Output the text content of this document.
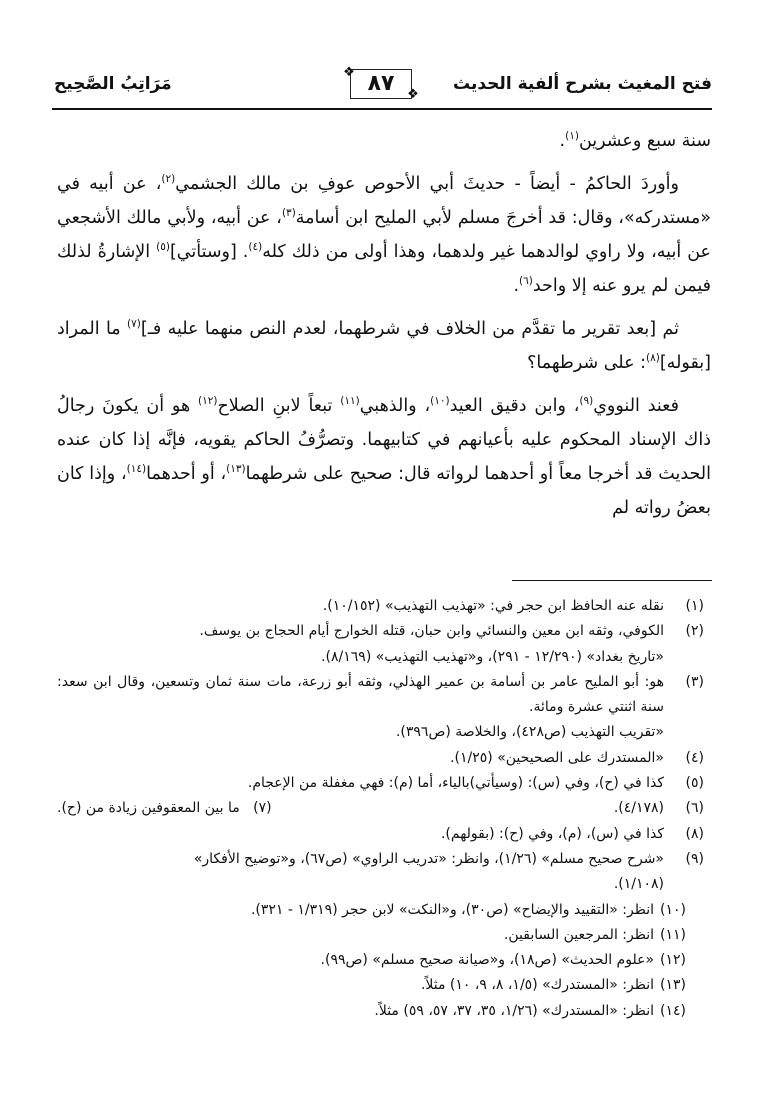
فتح المغيث بشرح ألفية الحديث
❖
❖
٨٧
مَرَاتِبُ الصَّحِيح

سنة سبع وعشرين$^{(١)}$.

وأوردَ الحاكمُ - أيضاً - حديثَ أبي الأحوص عوفِ بن مالك الجشمي$^{(٢)}$، عن أبيه في «مستدركه»، وقال: قد أخرجَ مسلم لأبي المليح ابن أسامة$^{(٣)}$، عن أبيه، ولأبي مالك الأشجعي عن أبيه، ولا راوي لوالدهما غير ولدهما، وهذا أولى من ذلك كله$^{(٤)}$. [وستأتي]$^{(٥)}$ الإشارةُ لذلك فيمن لم يرو عنه إلا واحد$^{(٦)}$.

ثم [بعد تقرير ما تقدَّم من الخلاف في شرطهما، لعدم النص منهما عليه فـ]$^{(٧)}$ ما المراد [بقوله]$^{(٨)}$: على شرطهما؟

فعند النووي$^{(٩)}$، وابن دقيق العيد$^{(١٠)}$، والذهبي$^{(١١)}$ تبعاً لابنِ الصلاح$^{(١٢)}$ هو أن يكونَ رجالُ ذاك الإسناد المحكوم عليه بأعيانهم في كتابيهما. وتصرُّفُ الحاكم يقويه، فإنَّه إذا كان عنده الحديث قد أخرجا معاً أو أحدهما لرواته قال: صحيح على شرطهما$^{(١٣)}$، أو أحدهما$^{(١٤)}$، وإذا كان بعضُ رواته لم

(١)
نقله عنه الحافظ ابن حجر في: «تهذيب التهذيب» (١٠/١٥٢).
(٢)
الكوفي، وثقه ابن معين والنسائي وابن حبان، قتله الخوارج أيام الحجاج بن يوسف.
«تاريخ بغداد» (١٢/٢٩٠ - ٢٩١)، و«تهذيب التهذيب» (٨/١٦٩).
(٣)
هو: أبو المليح عامر بن أسامة بن عمير الهذلي، وثقه أبو زرعة، مات سنة ثمان وتسعين، وقال ابن سعد: سنة اثنتي عشرة ومائة.
«تقريب التهذيب (ص٤٢٨)، والخلاصة (ص٣٩٦).
(٤)
«المستدرك على الصحيحين» (١/٢٥).
(٥)
كذا في (ح)، وفي (س): (وسيأتي)بالياء، أما (م): فهي مغفلة من الإعجام.
(٦)
(٤/١٧٨).
(٧)   ما بين المعقوفين زيادة من (ح).
(٨)
كذا في (س)، (م)، وفي (ح): (بقولهم).
(٩)
«شرح صحيح مسلم» (١/٢٦)، وانظر: «تدريب الراوي» (ص٦٧)، و«توضيح الأفكار»
(١/١٠٨).
(١٠)انظر: «التقييد والإيضاح» (ص٣٠)، و«النكت» لابن حجر (١/٣١٩ - ٣٢١).
(١١)انظر: المرجعين السابقين.
(١٢)«علوم الحديث» (ص١٨)، و«صيانة صحيح مسلم» (ص٩٩).
(١٣)انظر: «المستدرك» (١/٥، ٨، ٩، ١٠) مثلاً.
(١٤)انظر: «المستدرك» (١/٢٦، ٣٥، ٣٧، ٥٧، ٥٩) مثلاً.
